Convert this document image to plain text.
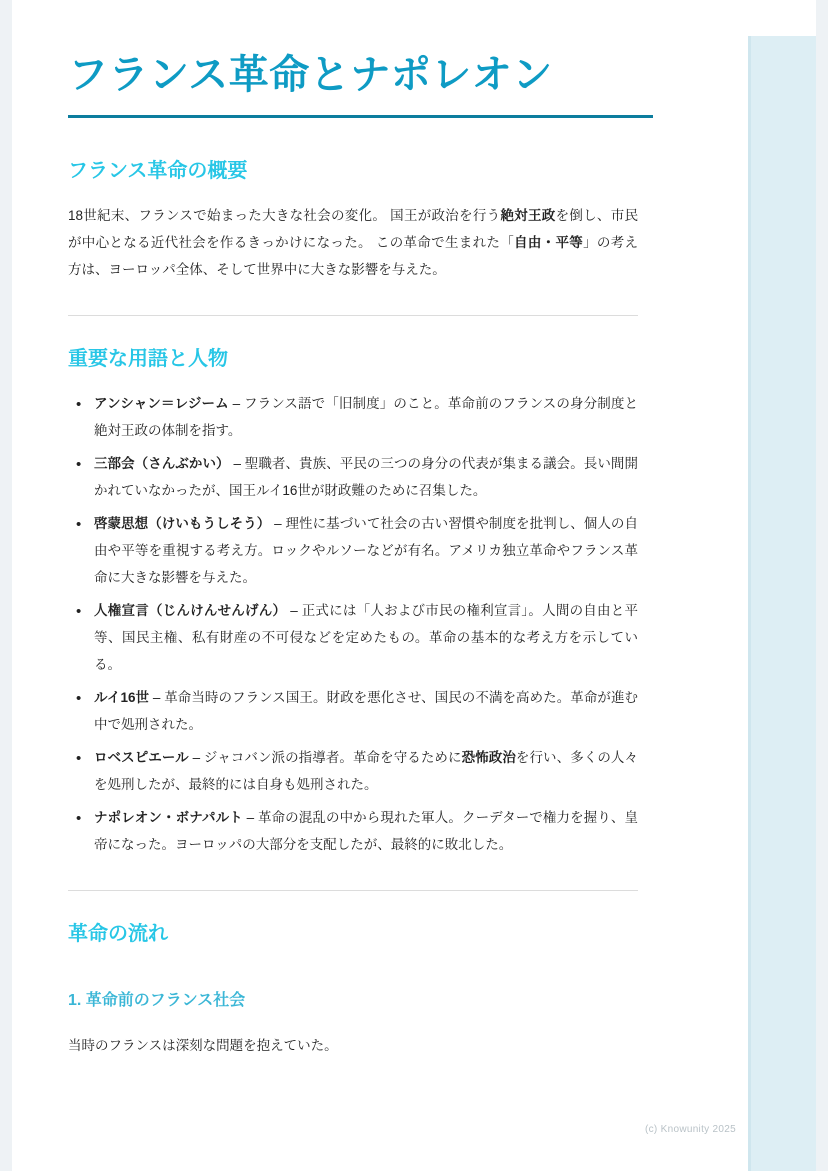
フランス革命とナポレオン
フランス革命の概要

18世紀末、フランスで始まった大きな社会の変化。 国王が政治を行う絶対王政を倒し、市民が中心となる近代社会を作るきっかけになった。 この革命で生まれた「自由・平等」の考え方は、ヨーロッパ全体、そして世界中に大きな影響を与えた。

重要な用語と人物
• アンシャン＝レジーム – フランス語で「旧制度」のこと。革命前のフランスの身分制度と絶対王政の体制を指す。
• 三部会（さんぶかい） – 聖職者、貴族、平民の三つの身分の代表が集まる議会。長い間開かれていなかったが、国王ルイ16世が財政難のために召集した。
• 啓蒙思想（けいもうしそう） – 理性に基づいて社会の古い習慣や制度を批判し、個人の自由や平等を重視する考え方。ロックやルソーなどが有名。アメリカ独立革命やフランス革命に大きな影響を与えた。
• 人権宣言（じんけんせんげん） – 正式には「人および市民の権利宣言」。人間の自由と平等、国民主権、私有財産の不可侵などを定めたもの。革命の基本的な考え方を示している。
• ルイ16世 – 革命当時のフランス国王。財政を悪化させ、国民の不満を高めた。革命が進む中で処刑された。
• ロベスピエール – ジャコバン派の指導者。革命を守るために恐怖政治を行い、多くの人々を処刑したが、最終的には自身も処刑された。
• ナポレオン・ボナパルト – 革命の混乱の中から現れた軍人。クーデターで権力を握り、皇帝になった。ヨーロッパの大部分を支配したが、最終的に敗北した。
革命の流れ
1. 革命前のフランス社会

当時のフランスは深刻な問題を抱えていた。

(c) Knowunity 2025
